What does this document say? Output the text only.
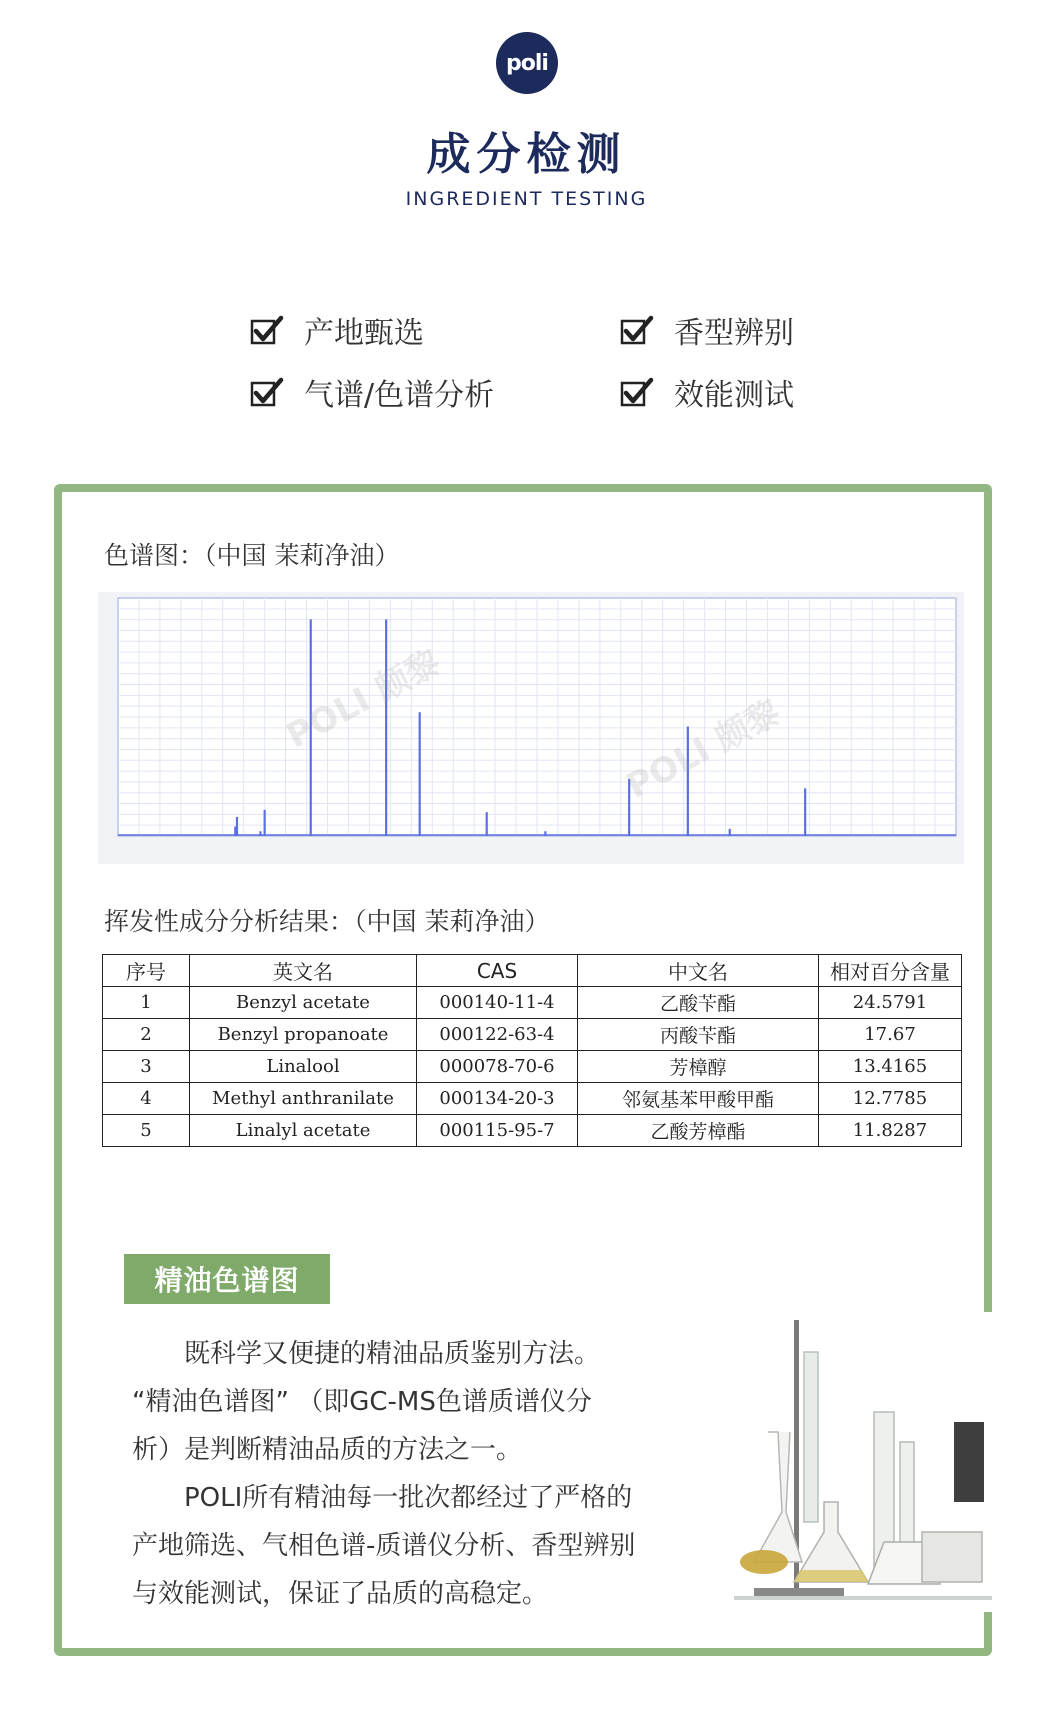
poli
成分检测
INGREDIENT TESTING
产地甄选	香型辨别
气谱/色谱分析	效能测试
色谱图：（中国 茉莉净油）
POLI 颇黎	POLI 颇黎
挥发性成分分析结果：（中国 茉莉净油）
序号	英文名	CAS	中文名	相对百分含量
1	Benzyl acetate	000140-11-4	乙酸苄酯	24.5791
2	Benzyl propanoate	000122-63-4	丙酸苄酯	17.67
3	Linalool	000078-70-6	芳樟醇	13.4165
4	Methyl anthranilate	000134-20-3	邻氨基苯甲酸甲酯	12.7785
5	Linalyl acetate	000115-95-7	乙酸芳樟酯	11.8287
精油色谱图

既科学又便捷的精油品质鉴别方法。

“精油色谱图” （即GC-MS色谱质谱仪分

析）是判断精油品质的方法之一。

POLI所有精油每一批次都经过了严格的

产地筛选、气相色谱-质谱仪分析、香型辨别

与效能测试，保证了品质的高稳定。
